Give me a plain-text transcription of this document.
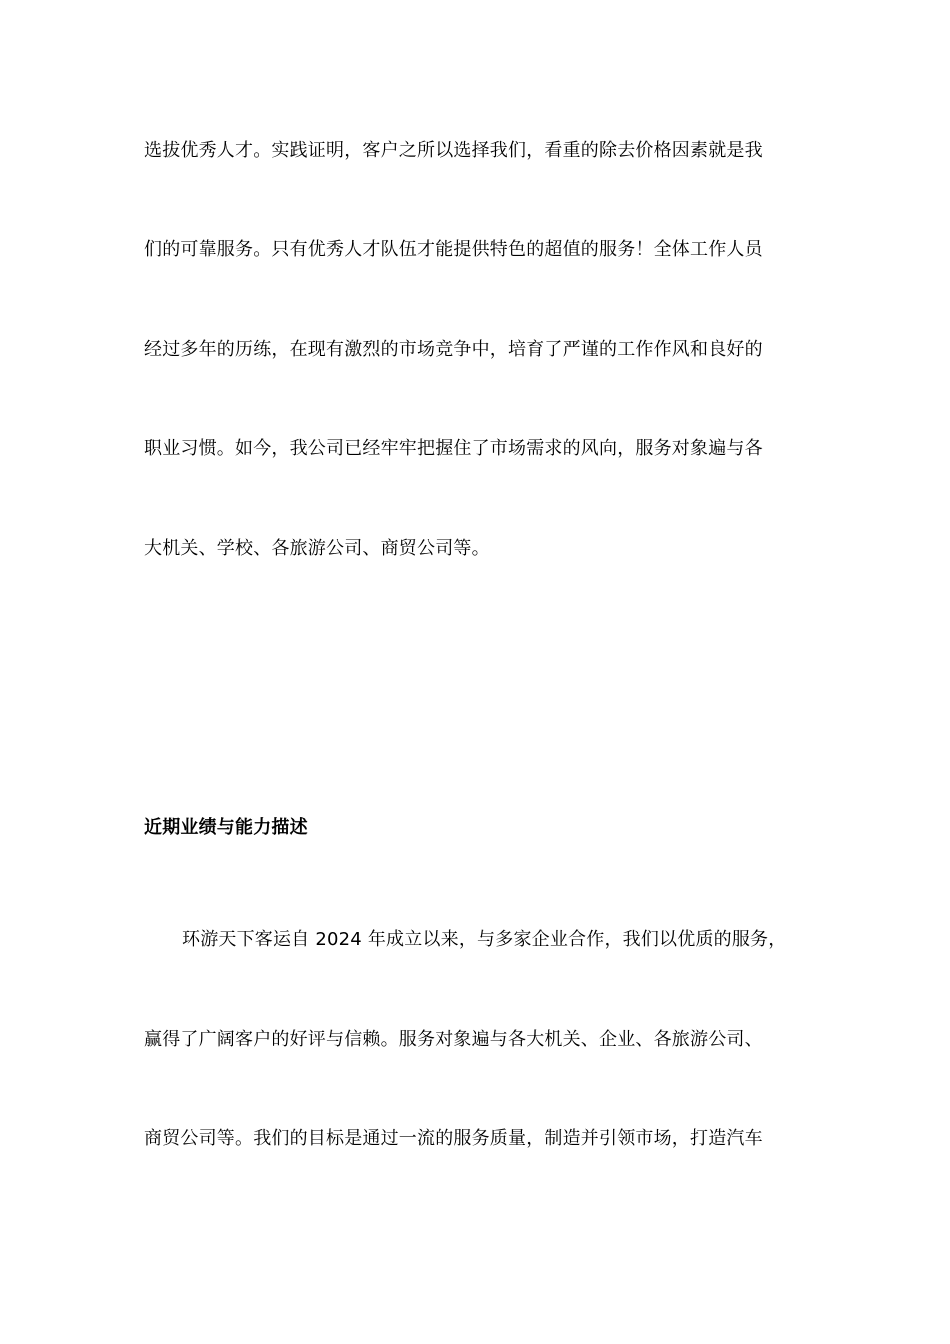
选拔优秀人才。实践证明，客户之所以选择我们，看重的除去价格因素就是我
们的可靠服务。只有优秀人才队伍才能提供特色的超值的服务！全体工作人员
经过多年的历练，在现有激烈的市场竞争中，培育了严谨的工作作风和良好的
职业习惯。如今，我公司已经牢牢把握住了市场需求的风向，服务对象遍与各
大机关、学校、各旅游公司、商贸公司等。
近期业绩与能力描述
环游天下客运自 2024 年成立以来，与多家企业合作，我们以优质的服务，
赢得了广阔客户的好评与信赖。服务对象遍与各大机关、企业、各旅游公司、
商贸公司等。我们的目标是通过一流的服务质量，制造并引领市场，打造汽车
